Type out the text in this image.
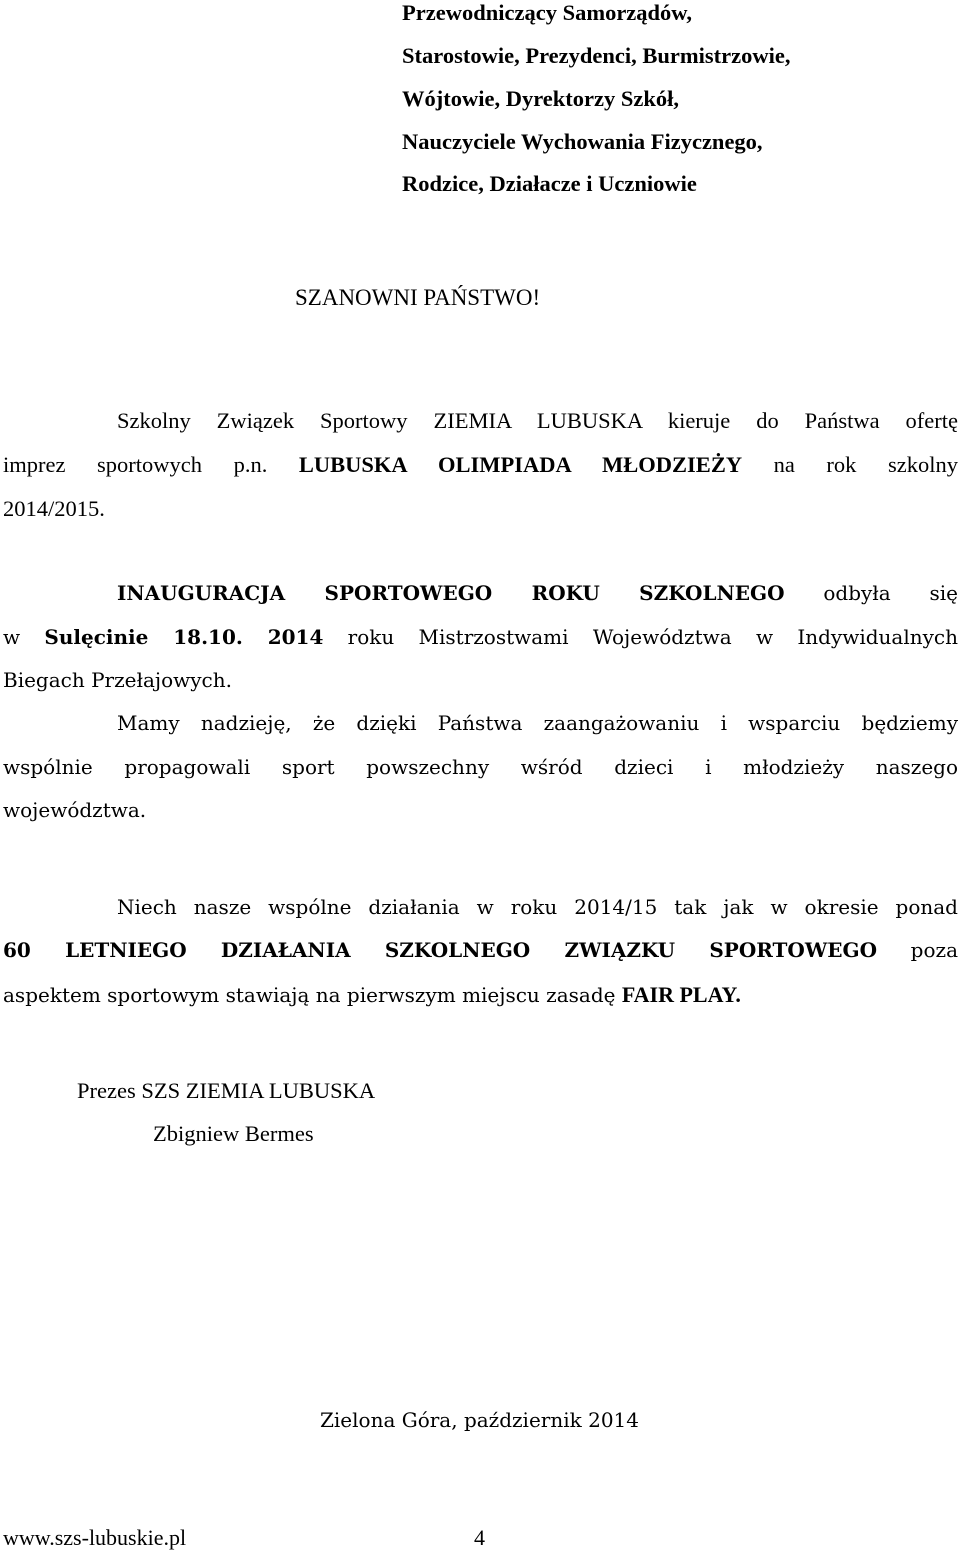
Przewodniczący Samorządów,
Starostowie, Prezydenci, Burmistrzowie,
Wójtowie, Dyrektorzy Szkół,
Nauczyciele Wychowania Fizycznego,
Rodzice, Działacze i Uczniowie
SZANOWNI PAŃSTWO!
Szkolny Związek Sportowy ZIEMIA LUBUSKA kieruje do Państwa ofertę
imprez sportowych p.n. LUBUSKA OLIMPIADA MŁODZIEŻY na rok szkolny
2014/2015.
INAUGURACJA SPORTOWEGO ROKU SZKOLNEGO odbyła się
w Sulęcinie 18.10. 2014 roku Mistrzostwami Województwa w Indywidualnych
Biegach Przełajowych.
Mamy nadzieję, że dzięki Państwa zaangażowaniu i wsparciu będziemy
wspólnie propagowali sport powszechny wśród dzieci i młodzieży naszego
województwa.
Niech nasze wspólne działania w roku 2014/15 tak jak w okresie ponad
60 LETNIEGO DZIAŁANIA SZKOLNEGO ZWIĄZKU SPORTOWEGO poza
aspektem sportowym stawiają na pierwszym miejscu zasadę FAIR PLAY.
Prezes SZS ZIEMIA LUBUSKA
Zbigniew Bermes
Zielona Góra, październik 2014
www.szs-lubuskie.pl	4
